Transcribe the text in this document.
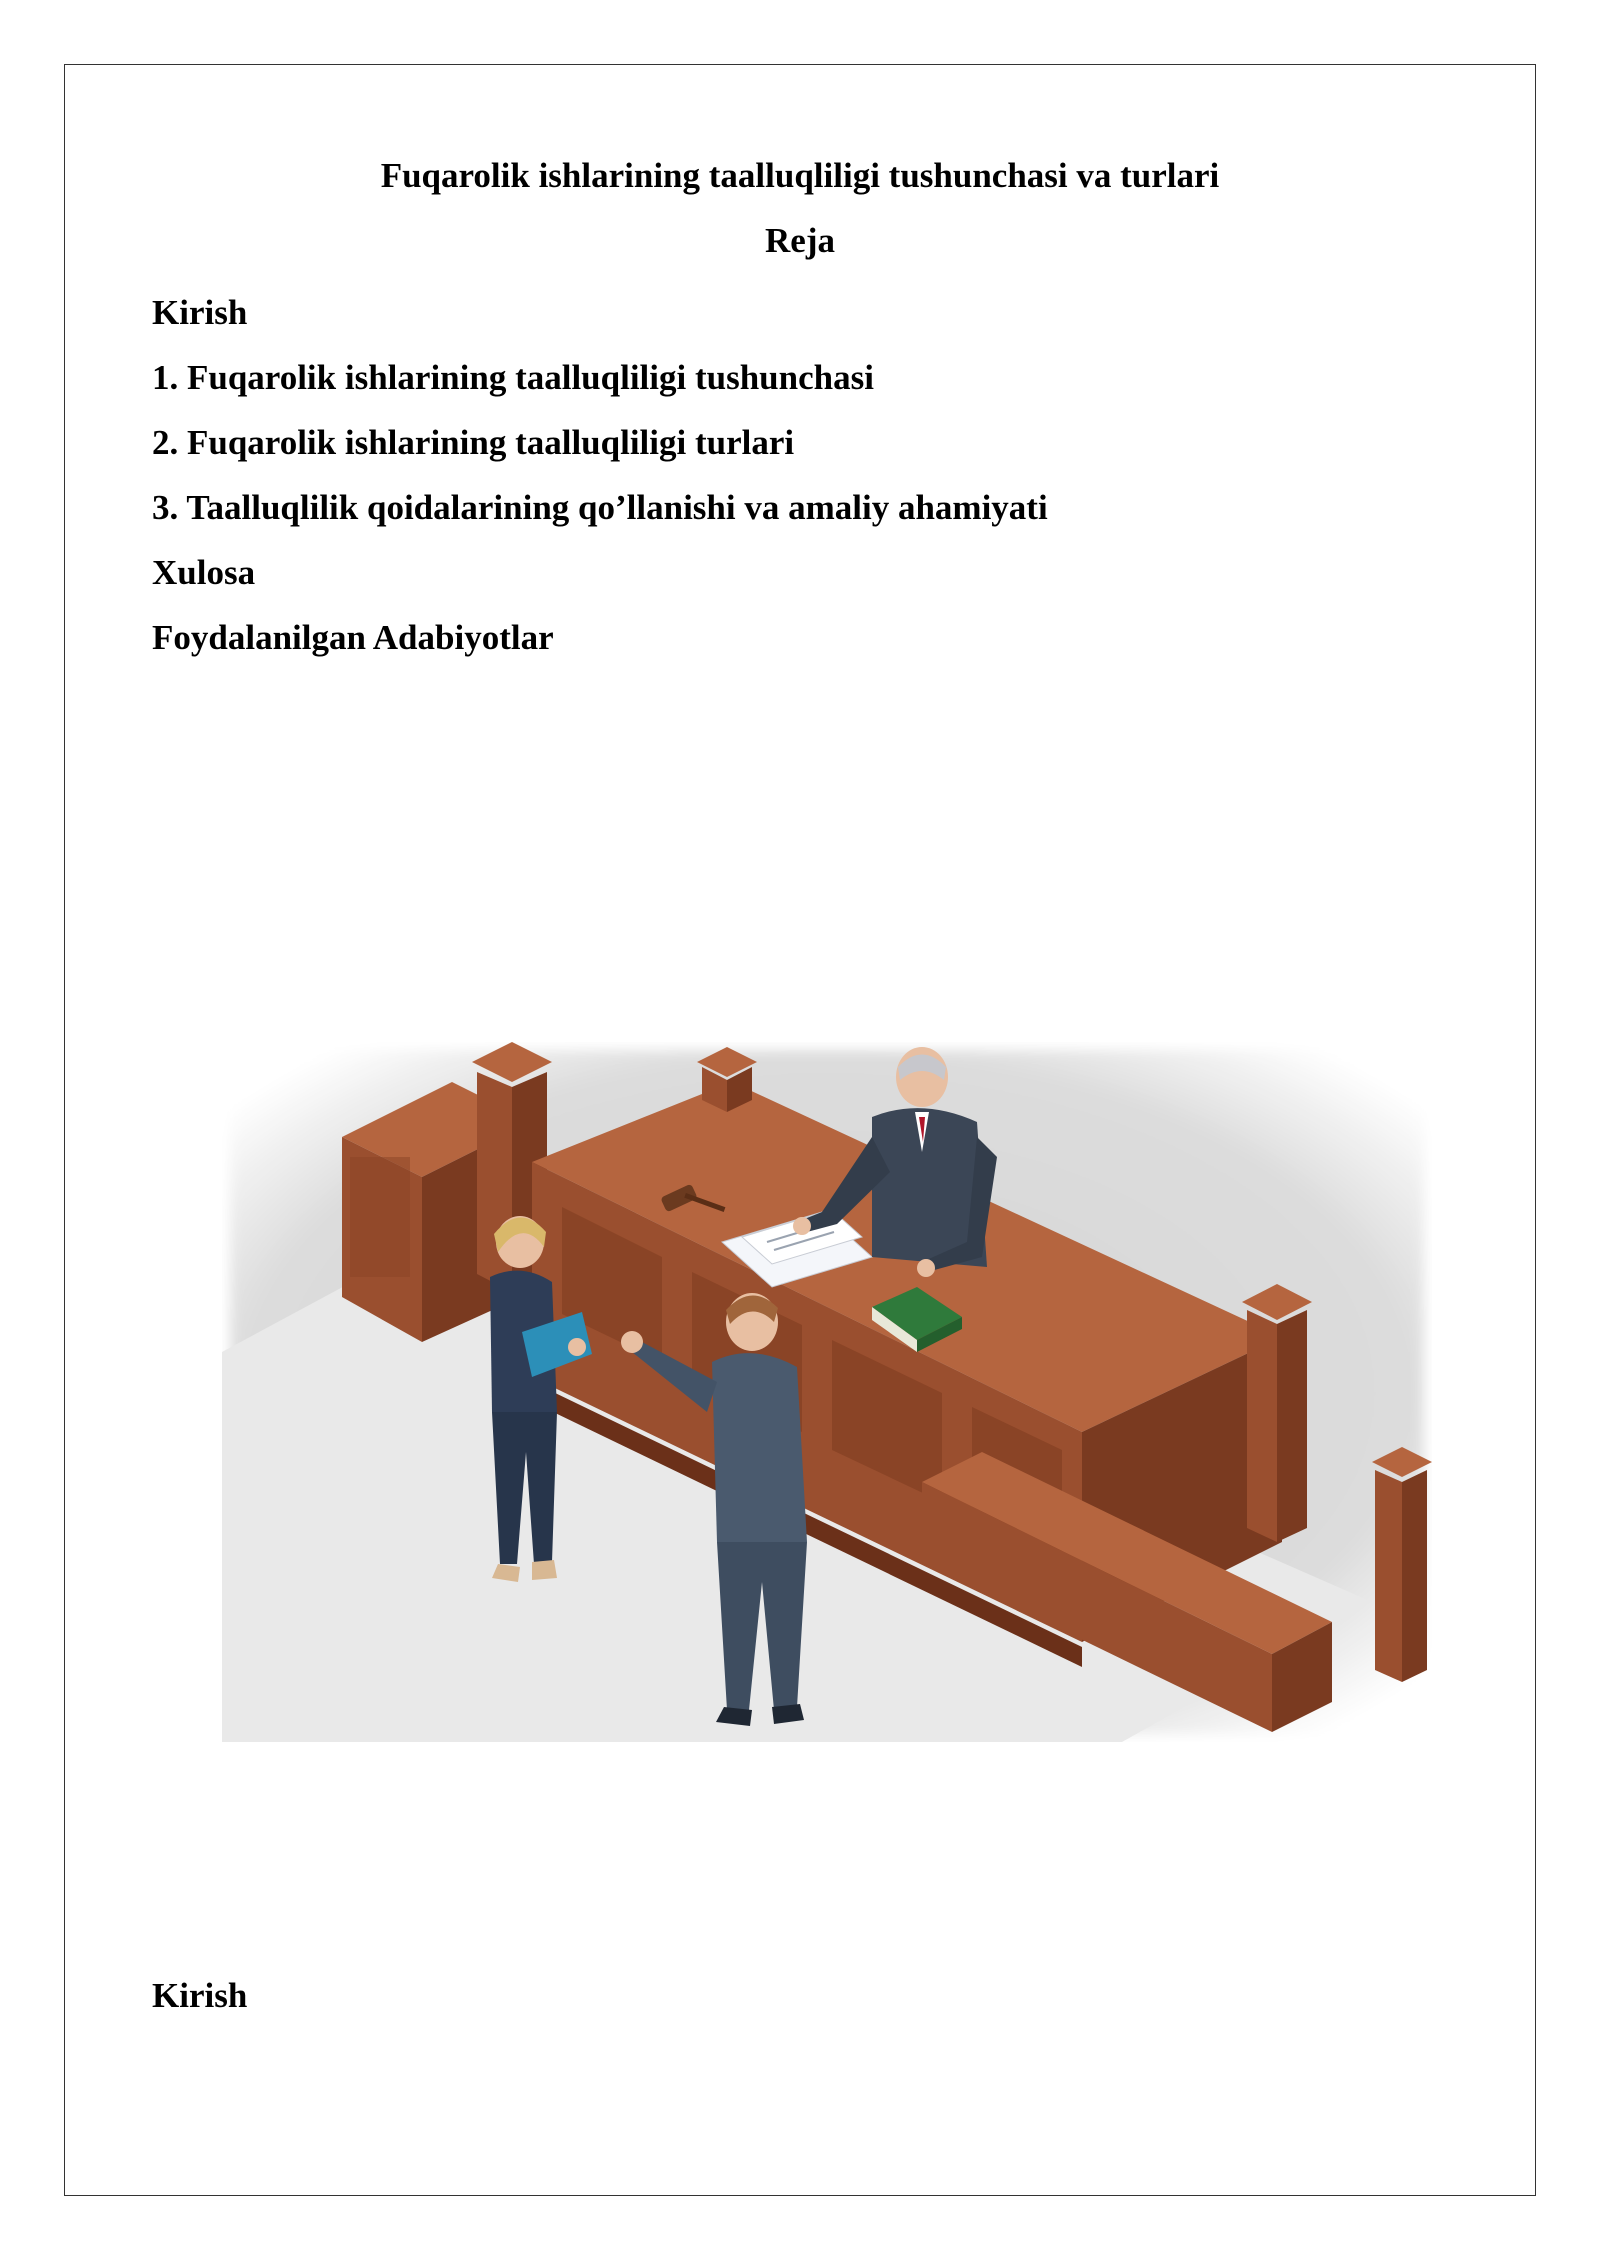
Fuqarolik ishlarining taalluqliligi tushunchasi va turlari
Reja
Kirish
1. Fuqarolik ishlarining taalluqliligi tushunchasi
2. Fuqarolik ishlarining taalluqliligi turlari
3. Taalluqlilik qoidalarining qo’llanishi va amaliy ahamiyati
Xulosa
Foydalanilgan Adabiyotlar
Kirish
